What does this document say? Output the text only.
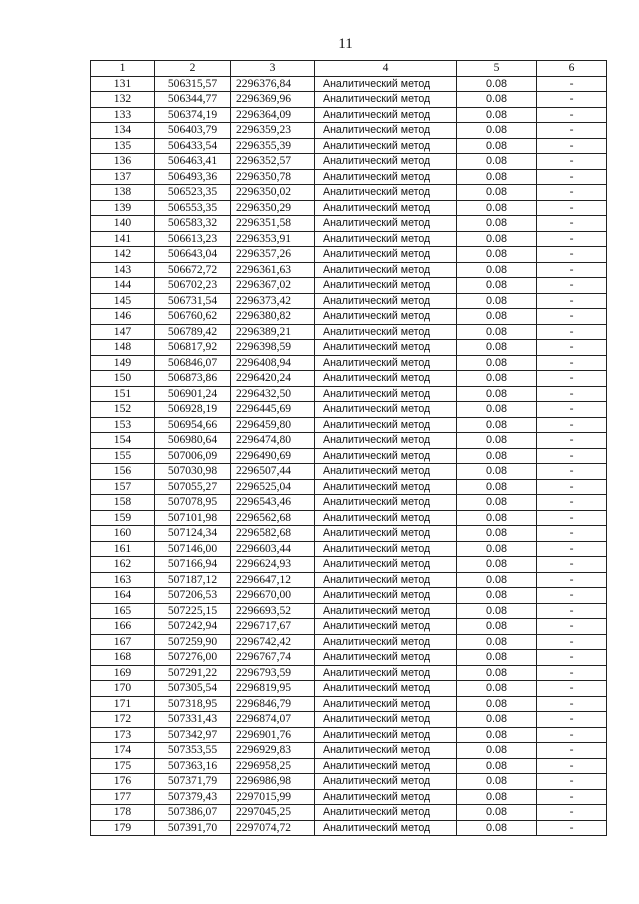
11
1	2	3	4	5	6
131	506315,57	2296376,84	Аналитический метод	0.08	-
132	506344,77	2296369,96	Аналитический метод	0.08	-
133	506374,19	2296364,09	Аналитический метод	0.08	-
134	506403,79	2296359,23	Аналитический метод	0.08	-
135	506433,54	2296355,39	Аналитический метод	0.08	-
136	506463,41	2296352,57	Аналитический метод	0.08	-
137	506493,36	2296350,78	Аналитический метод	0.08	-
138	506523,35	2296350,02	Аналитический метод	0.08	-
139	506553,35	2296350,29	Аналитический метод	0.08	-
140	506583,32	2296351,58	Аналитический метод	0.08	-
141	506613,23	2296353,91	Аналитический метод	0.08	-
142	506643,04	2296357,26	Аналитический метод	0.08	-
143	506672,72	2296361,63	Аналитический метод	0.08	-
144	506702,23	2296367,02	Аналитический метод	0.08	-
145	506731,54	2296373,42	Аналитический метод	0.08	-
146	506760,62	2296380,82	Аналитический метод	0.08	-
147	506789,42	2296389,21	Аналитический метод	0.08	-
148	506817,92	2296398,59	Аналитический метод	0.08	-
149	506846,07	2296408,94	Аналитический метод	0.08	-
150	506873,86	2296420,24	Аналитический метод	0.08	-
151	506901,24	2296432,50	Аналитический метод	0.08	-
152	506928,19	2296445,69	Аналитический метод	0.08	-
153	506954,66	2296459,80	Аналитический метод	0.08	-
154	506980,64	2296474,80	Аналитический метод	0.08	-
155	507006,09	2296490,69	Аналитический метод	0.08	-
156	507030,98	2296507,44	Аналитический метод	0.08	-
157	507055,27	2296525,04	Аналитический метод	0.08	-
158	507078,95	2296543,46	Аналитический метод	0.08	-
159	507101,98	2296562,68	Аналитический метод	0.08	-
160	507124,34	2296582,68	Аналитический метод	0.08	-
161	507146,00	2296603,44	Аналитический метод	0.08	-
162	507166,94	2296624,93	Аналитический метод	0.08	-
163	507187,12	2296647,12	Аналитический метод	0.08	-
164	507206,53	2296670,00	Аналитический метод	0.08	-
165	507225,15	2296693,52	Аналитический метод	0.08	-
166	507242,94	2296717,67	Аналитический метод	0.08	-
167	507259,90	2296742,42	Аналитический метод	0.08	-
168	507276,00	2296767,74	Аналитический метод	0.08	-
169	507291,22	2296793,59	Аналитический метод	0.08	-
170	507305,54	2296819,95	Аналитический метод	0.08	-
171	507318,95	2296846,79	Аналитический метод	0.08	-
172	507331,43	2296874,07	Аналитический метод	0.08	-
173	507342,97	2296901,76	Аналитический метод	0.08	-
174	507353,55	2296929,83	Аналитический метод	0.08	-
175	507363,16	2296958,25	Аналитический метод	0.08	-
176	507371,79	2296986,98	Аналитический метод	0.08	-
177	507379,43	2297015,99	Аналитический метод	0.08	-
178	507386,07	2297045,25	Аналитический метод	0.08	-
179	507391,70	2297074,72	Аналитический метод	0.08	-
